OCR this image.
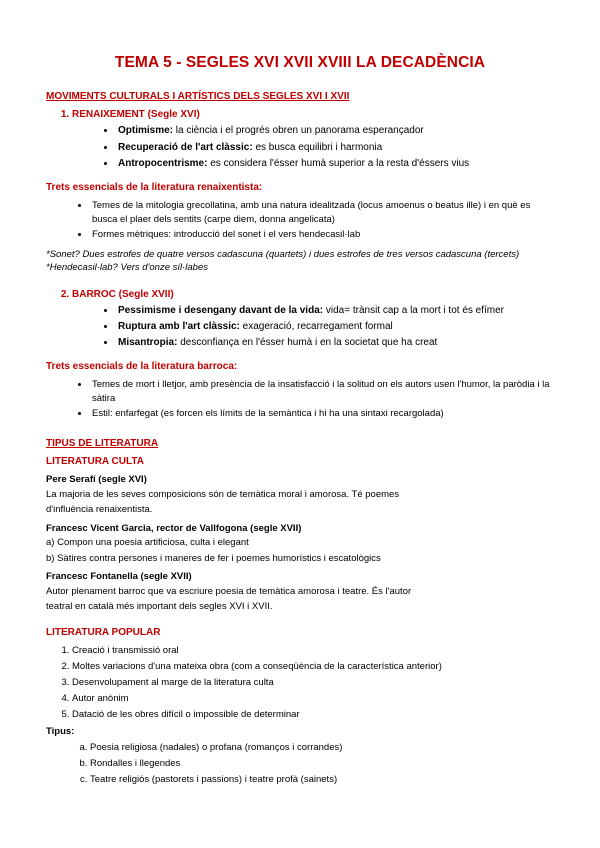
TEMA 5 - SEGLES XVI XVII XVIII LA DECADÈNCIA
MOVIMENTS CULTURALS I ARTÍSTICS DELS SEGLES XVI I XVII
1. RENAIXEMENT (Segle XVI)
• Optimisme: la ciència i el progrés obren un panorama esperançador
• Recuperació de l'art clàssic: es busca equilibri i harmonia
• Antropocentrisme: es considera l'ésser humà superior a la resta d'éssers vius
Trets essencials de la literatura renaixentista:
• Temes de la mitologia grecollatina, amb una natura idealitzada (locus amoenus o beatus ille) i en què es busca el plaer dels sentits (carpe diem, donna angelicata)
• Formes mètriques: introducció del sonet i el vers hendecasil·lab

*Sonet? Dues estrofes de quatre versos cadascuna (quartets) i dues estrofes de tres versos cadascuna (tercets) *Hendecasil·lab? Vers d'onze síl·labes

2. BARROC (Segle XVII)
• Pessimisme i desengany davant de la vida: vida= trànsit cap a la mort i tot és efímer
• Ruptura amb l'art clàssic: exageració, recarregament formal
• Misantropia: desconfiança en l'ésser humà i en la societat que ha creat
Trets essencials de la literatura barroca:
• Temes de mort i lletjor, amb presència de la insatisfacció i la solitud on els autors usen l'humor, la paròdia i la sàtira
• Estil: enfarfegat (es forcen els límits de la semàntica i hi ha una sintaxi recargolada)
TIPUS DE LITERATURA
LITERATURA CULTA
Pere Serafí (segle XVI)

La majoria de les seves composicions són de temàtica moral i amorosa. Té poemes

d'influència renaixentista.

Francesc Vicent Garcia, rector de Vallfogona (segle XVII)

a) Compon una poesia artificiosa, culta i elegant

b) Sàtires contra persones i maneres de fer i poemes humorístics i escatològics

Francesc Fontanella (segle XVII)

Autor plenament barroc que va escriure poesia de temàtica amorosa i teatre. És l'autor

teatral en català més important dels segles XVI i XVII.

LITERATURA POPULAR
1. Creació i transmissió oral
2. Moltes variacions d'una mateixa obra (com a conseqüència de la característica anterior)
3. Desenvolupament al marge de la literatura culta
4. Autor anònim
5. Datació de les obres difícil o impossible de determinar
Tipus:
a. Poesia religiosa (nadales) o profana (romanços i corrandes)
b. Rondalles i llegendes
c. Teatre religiós (pastorets i passions) i teatre profà (sainets)
